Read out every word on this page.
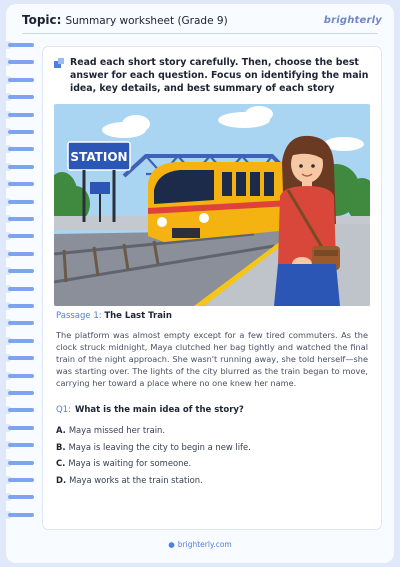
Topic: Summary worksheet (Grade 9)	brighterly
Read each short story carefully. Then, choose the best answer for each question. Focus on identifying the main idea, key details, and best summary of each story
STATION
Passage 1: The Last Train
The platform was almost empty except for a few tired commuters. As the clock struck midnight, Maya clutched her bag tightly and watched the final train of the night approach. She wasn't running away, she told herself—she was starting over. The lights of the city blurred as the train began to move, carrying her toward a place where no one knew her name.
Q1: What is the main idea of the story?
A. Maya missed her train.
B. Maya is leaving the city to begin a new life.
C. Maya is waiting for someone.
D. Maya works at the train station.
● brighterly.com
